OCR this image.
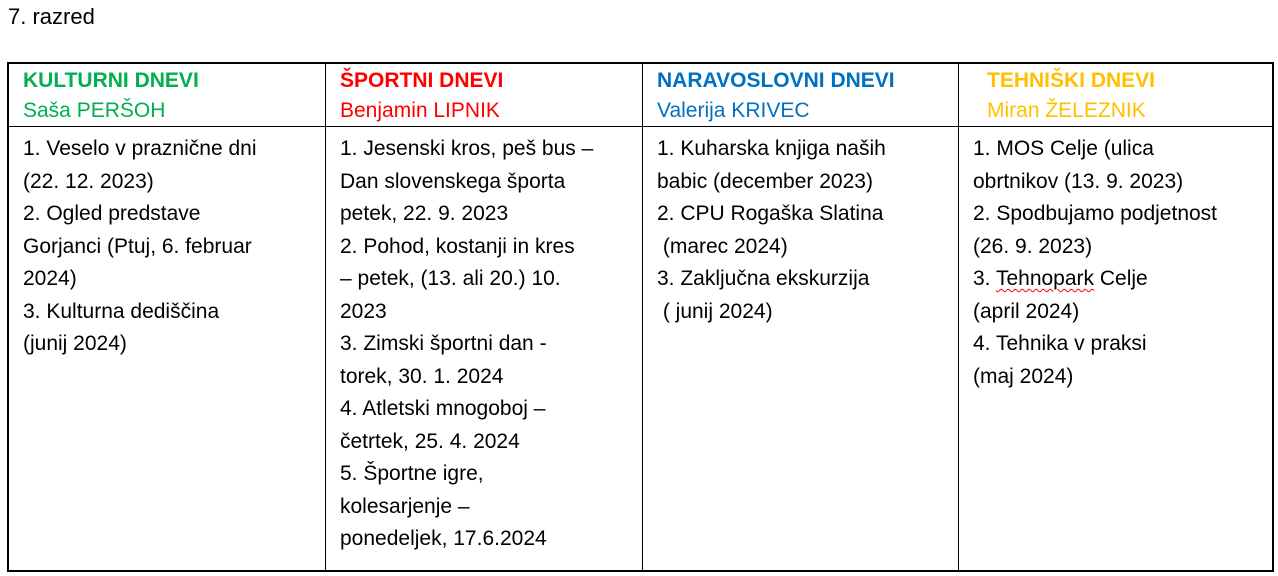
7. razred
KULTURNI DNEVI
Saša PERŠOH
ŠPORTNI DNEVI
Benjamin LIPNIK
NARAVOSLOVNI DNEVI
Valerija KRIVEC
TEHNIŠKI DNEVI
Miran ŽELEZNIK
1. Veselo v praznične dni
(22. 12. 2023)
2. Ogled predstave
Gorjanci (Ptuj, 6. februar
2024)
3. Kulturna dediščina
(junij 2024)
1. Jesenski kros, peš bus –
Dan slovenskega športa
petek, 22. 9. 2023
2. Pohod, kostanji in kres
– petek, (13. ali 20.) 10.
2023
3. Zimski športni dan -
torek, 30. 1. 2024
4. Atletski mnogoboj –
četrtek, 25. 4. 2024
5. Športne igre,
kolesarjenje –
ponedeljek, 17.6.2024
1. Kuharska knjiga naših
babic (december 2023)
2. CPU Rogaška Slatina
(marec 2024)
3. Zaključna ekskurzija
( junij 2024)
1. MOS Celje (ulica
obrtnikov (13. 9. 2023)
2. Spodbujamo podjetnost
(26. 9. 2023)
3. Tehnopark Celje
(april 2024)
4. Tehnika v praksi
(maj 2024)
